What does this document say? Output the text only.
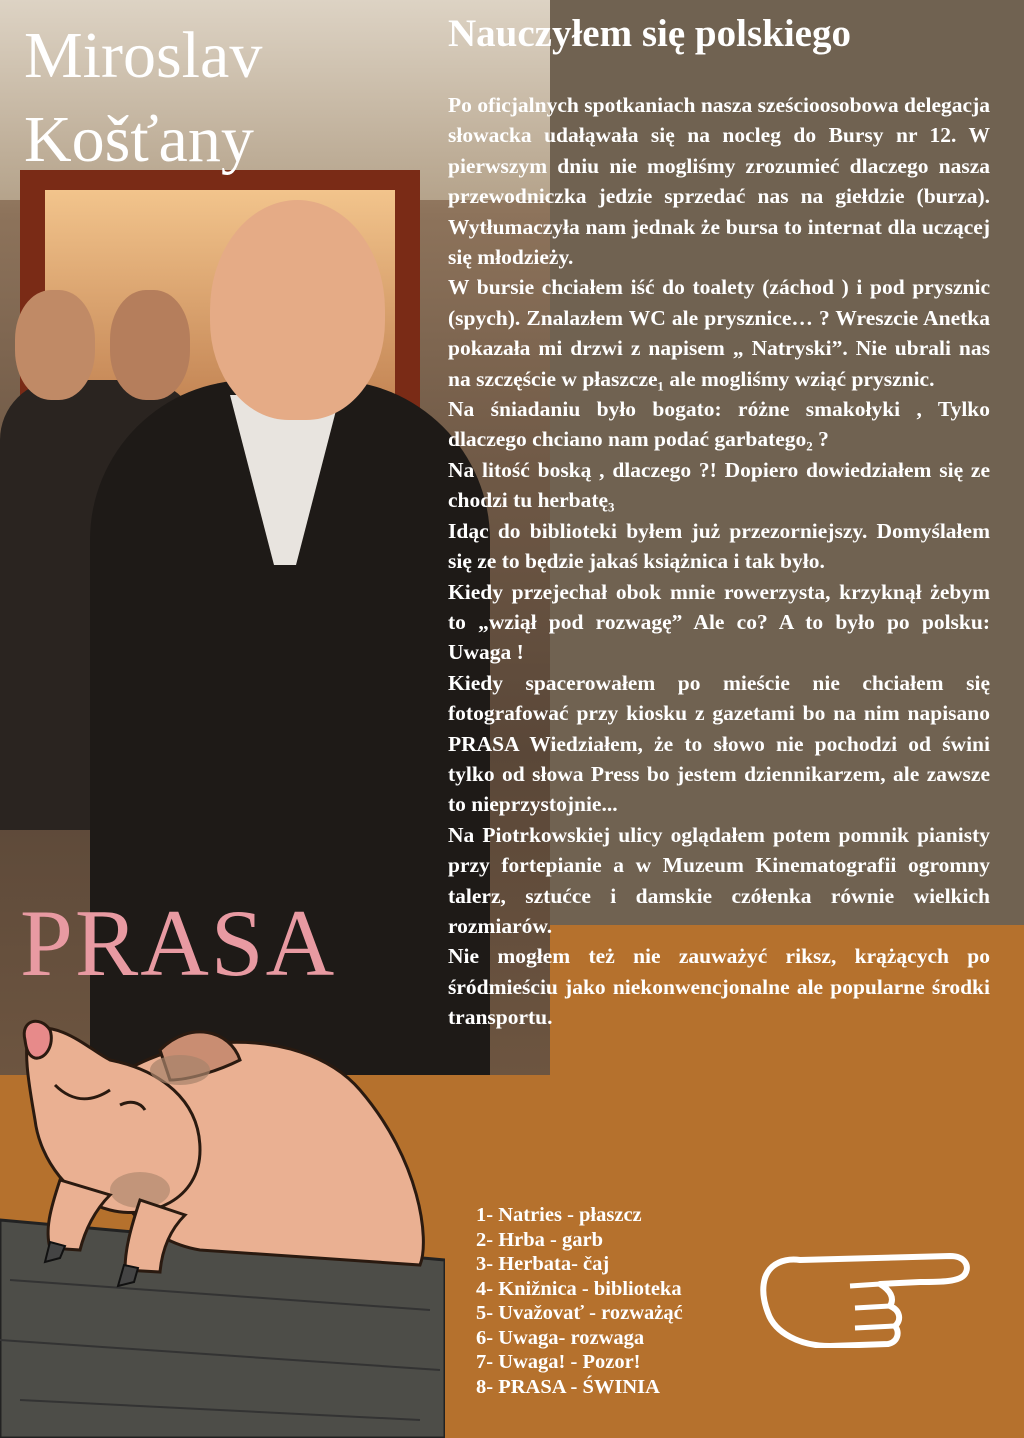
Miroslav
Košťany
Nauczyłem się polskiego

Po oficjalnych spotkaniach nasza sześcioosobowa delegacja słowacka udałąwała się na nocleg do Bursy nr 12. W pierwszym dniu nie mogliśmy zrozumieć dlaczego nasza przewodniczka jedzie sprzedać nas na giełdzie (burza). Wytłumaczyła nam jednak że bursa to internat dla uczącej się młodzieży.

W bursie chciałem iść do toalety (záchod ) i pod prysznic (spych). Znalazłem WC ale prysznice… ? Wreszcie Anetka pokazała mi drzwi z napisem „ Natryski”. Nie ubrali nas na szczęście w płaszcze₁ ale mogliśmy wziąć prysznic.

Na śniadaniu było bogato: różne smakołyki , Tylko dlaczego chciano nam podać garbatego₂ ?

Na litość boską , dlaczego ?! Dopiero dowiedziałem się ze chodzi tu herbatę₃

Idąc do biblioteki byłem już przezorniejszy. Domyślałem się ze to będzie jakaś książnica i tak było.

Kiedy przejechał obok mnie rowerzysta, krzyknął żebym to „wziął pod rozwagę” Ale co? A to było po polsku: Uwaga !

Kiedy spacerowałem po mieście nie chciałem się fotografować przy kiosku z gazetami bo na nim napisano PRASA Wiedziałem, że to słowo nie pochodzi od świni tylko od słowa Press bo jestem dziennikarzem, ale zawsze to nieprzystojnie...

Na Piotrkowskiej ulicy oglądałem potem pomnik pianisty przy fortepianie a w Muzeum Kinematografii ogromny talerz, sztućce i damskie czółenka równie wielkich rozmiarów.

Nie mogłem też nie zauważyć riksz, krążących po śródmieściu jako niekonwencjonalne ale popularne środki transportu.

PRASA
1- Natries - płaszcz
2- Hrba - garb
3- Herbata- čaj
4- Knižnica - biblioteka
5- Uvažovať - rozważąć
6- Uwaga- rozwaga
7- Uwaga! - Pozor!
8- PRASA - ŚWINIA
